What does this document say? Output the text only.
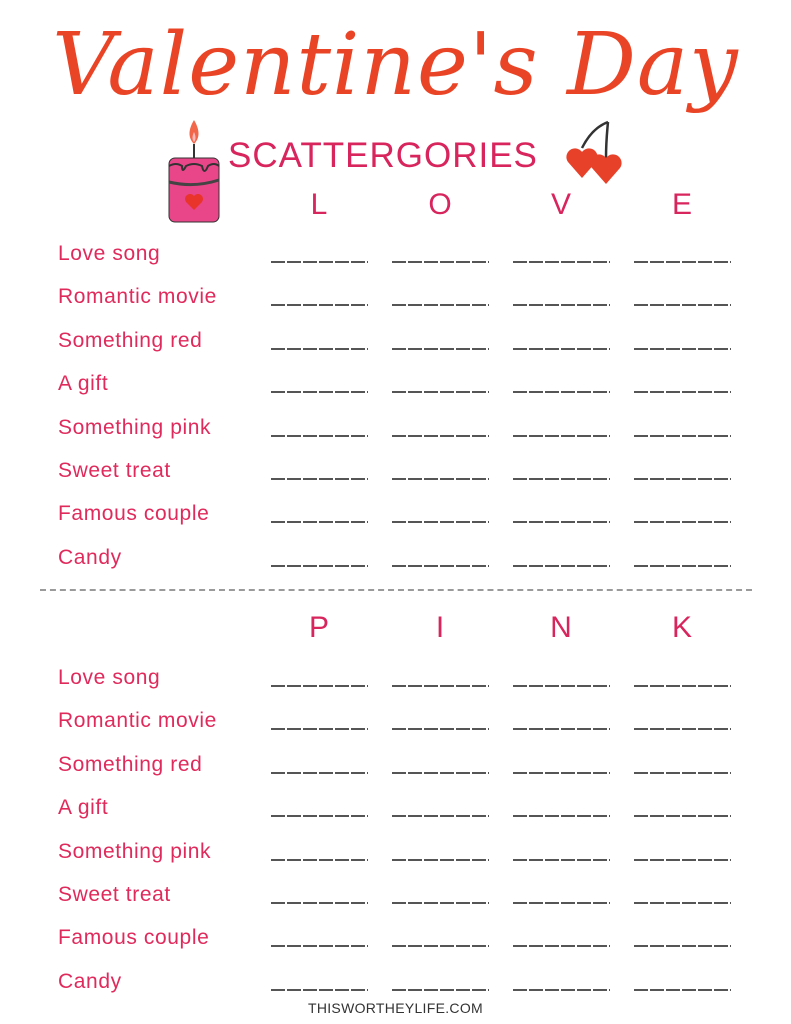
Valentine's Day
SCATTERGORIES
THISWORTHEYLIFE.COM
L	O	V	E
Love song
Romantic movie
Something red
A gift
Something pink
Sweet treat
Famous couple
Candy
P	I	N	K
Love song
Romantic movie
Something red
A gift
Something pink
Sweet treat
Famous couple
Candy
